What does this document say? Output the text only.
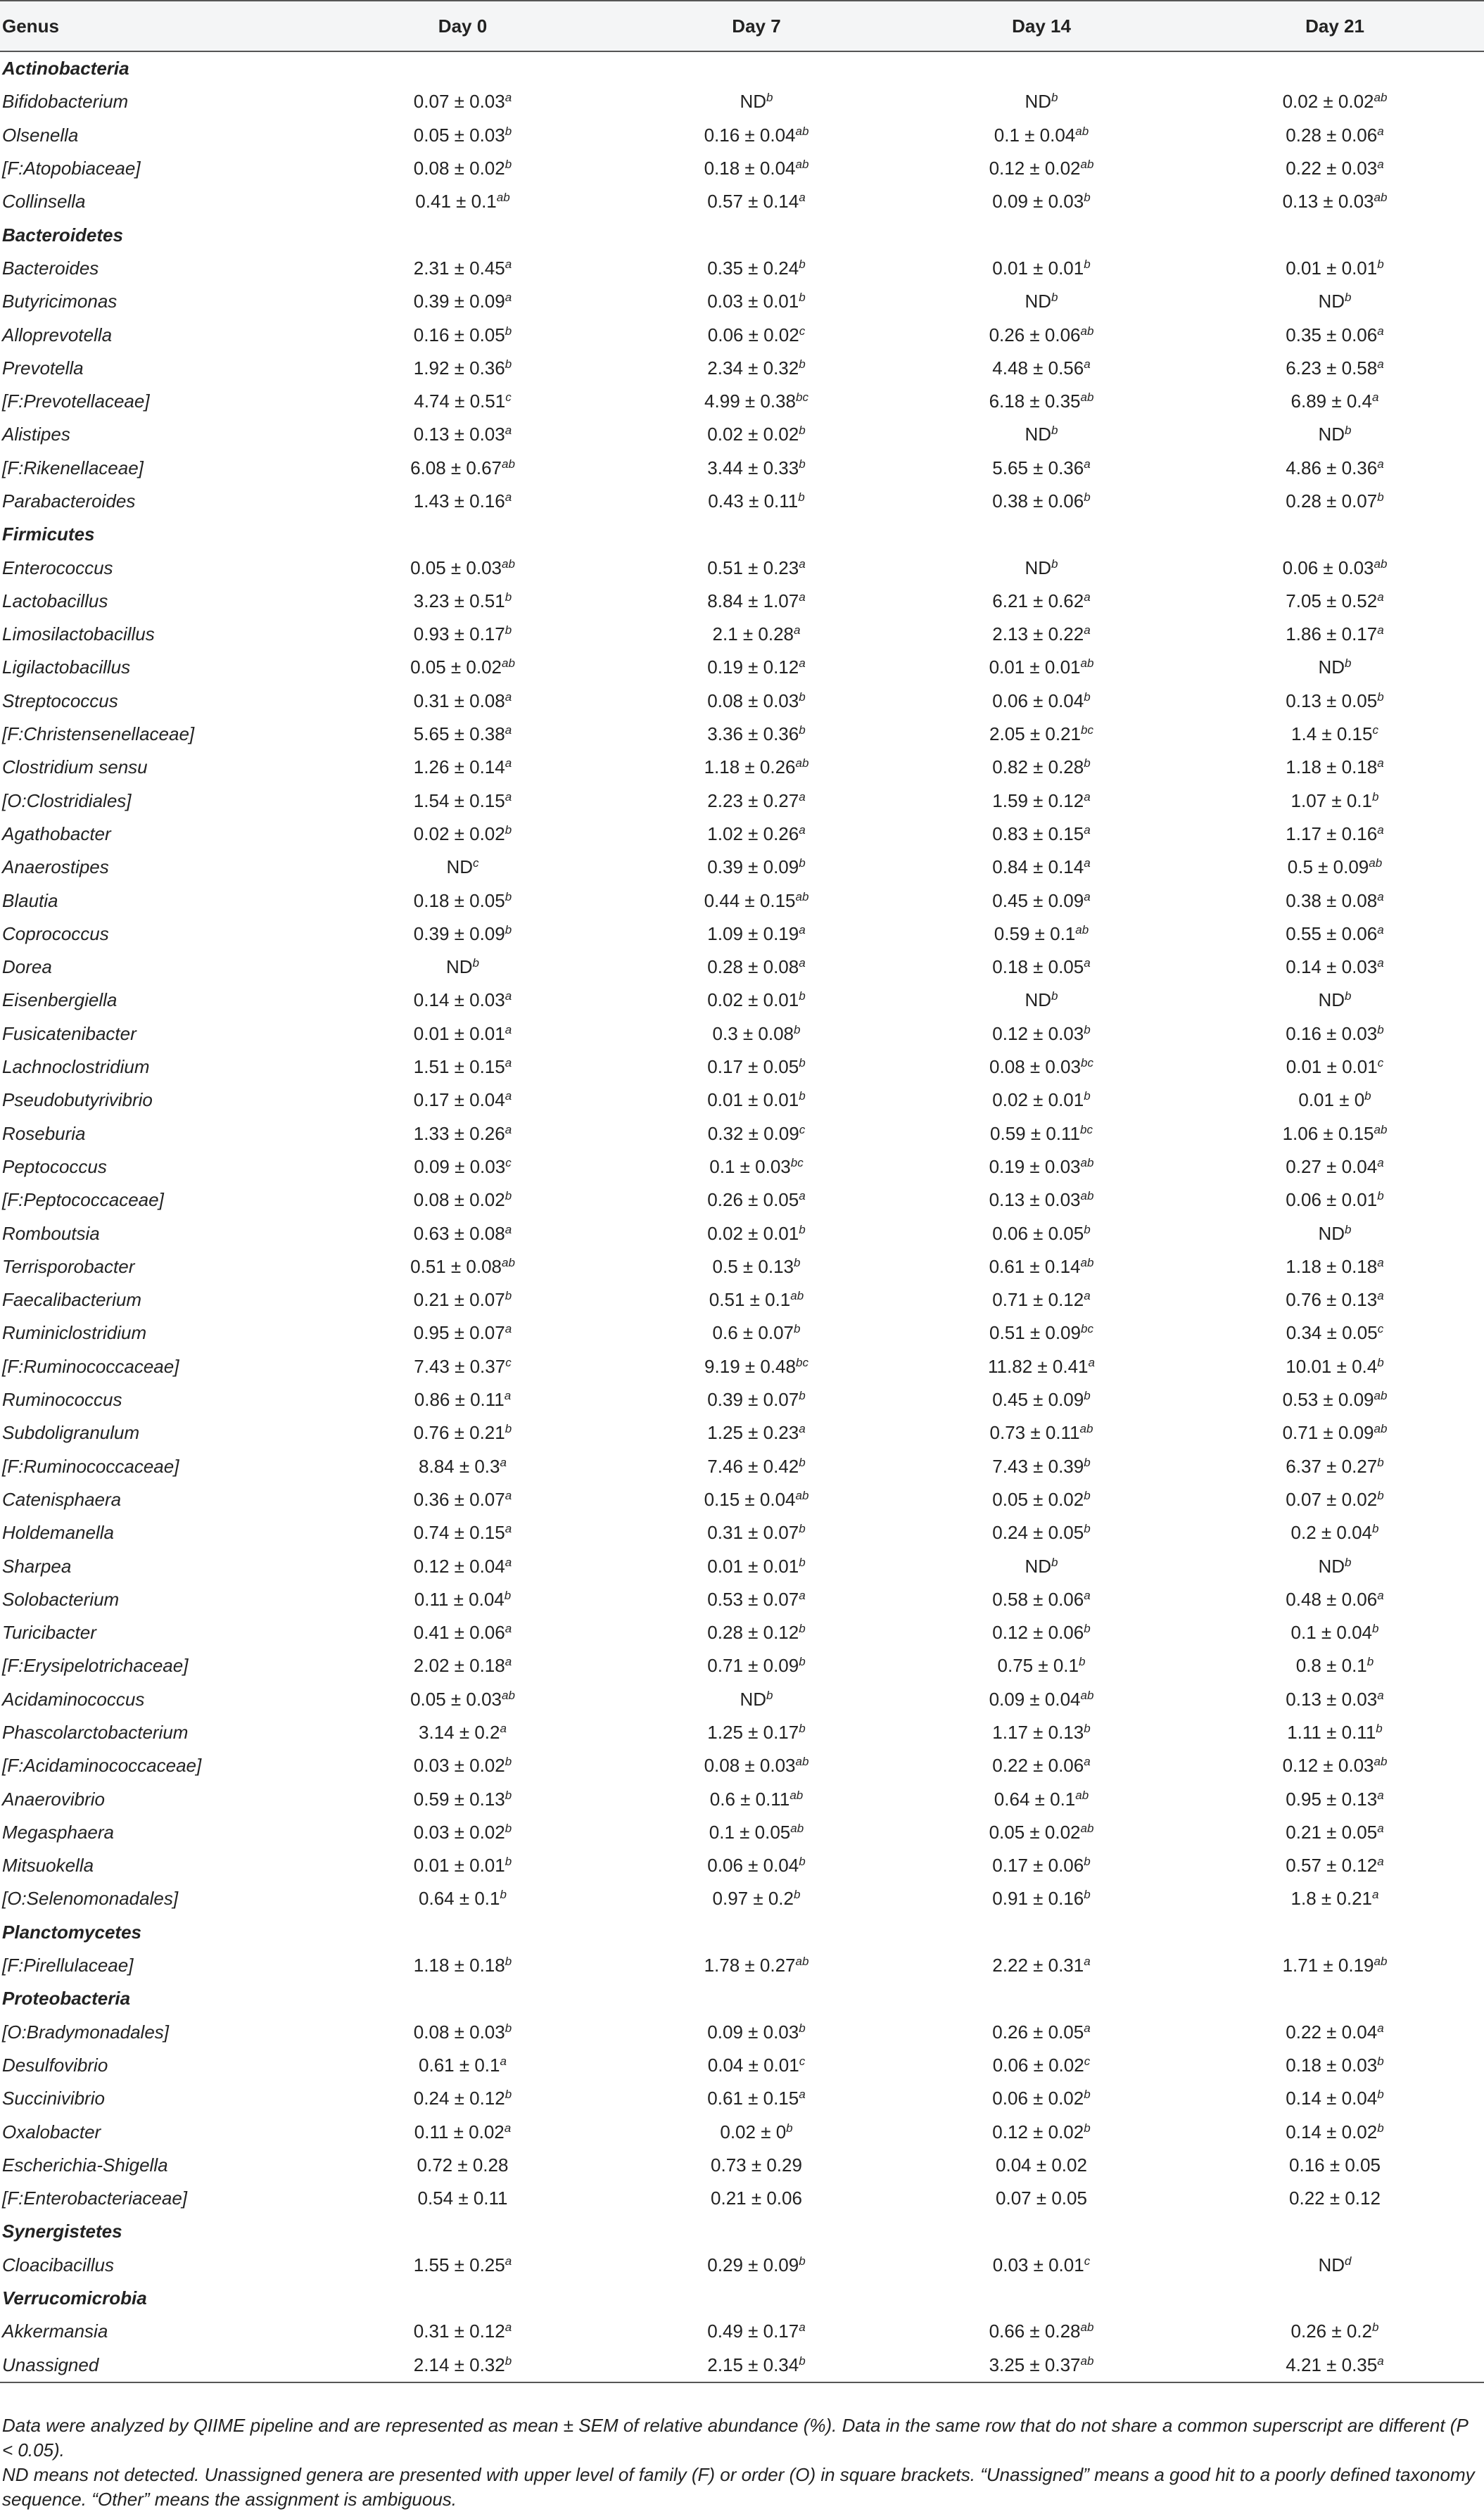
Genus	Day 0	Day 7	Day 14	Day 21
Actinobacteria				
Bifidobacterium	0.07 ± 0.03$^a$	$ND^b$	$ND^b$	0.02 ± 0.02$^{ab}$
Olsenella	0.05 ± 0.03$^b$	0.16 ± 0.04$^{ab}$	0.1 ± 0.04$^{ab}$	0.28 ± 0.06$^a$
[F:Atopobiaceae]	0.08 ± 0.02$^b$	0.18 ± 0.04$^{ab}$	0.12 ± 0.02$^{ab}$	0.22 ± 0.03$^a$
Collinsella	0.41 ± 0.1$^{ab}$	0.57 ± 0.14$^a$	0.09 ± 0.03$^b$	0.13 ± 0.03$^{ab}$
Bacteroidetes				
Bacteroides	2.31 ± 0.45$^a$	0.35 ± 0.24$^b$	0.01 ± 0.01$^b$	0.01 ± 0.01$^b$
Butyricimonas	0.39 ± 0.09$^a$	0.03 ± 0.01$^b$	$ND^b$	$ND^b$
Alloprevotella	0.16 ± 0.05$^b$	0.06 ± 0.02$^c$	0.26 ± 0.06$^{ab}$	0.35 ± 0.06$^a$
Prevotella	1.92 ± 0.36$^b$	2.34 ± 0.32$^b$	4.48 ± 0.56$^a$	6.23 ± 0.58$^a$
[F:Prevotellaceae]	4.74 ± 0.51$^c$	4.99 ± 0.38$^{bc}$	6.18 ± 0.35$^{ab}$	6.89 ± 0.4$^a$
Alistipes	0.13 ± 0.03$^a$	0.02 ± 0.02$^b$	$ND^b$	$ND^b$
[F:Rikenellaceae]	6.08 ± 0.67$^{ab}$	3.44 ± 0.33$^b$	5.65 ± 0.36$^a$	4.86 ± 0.36$^a$
Parabacteroides	1.43 ± 0.16$^a$	0.43 ± 0.11$^b$	0.38 ± 0.06$^b$	0.28 ± 0.07$^b$
Firmicutes				
Enterococcus	0.05 ± 0.03$^{ab}$	0.51 ± 0.23$^a$	$ND^b$	0.06 ± 0.03$^{ab}$
Lactobacillus	3.23 ± 0.51$^b$	8.84 ± 1.07$^a$	6.21 ± 0.62$^a$	7.05 ± 0.52$^a$
Limosilactobacillus	0.93 ± 0.17$^b$	2.1 ± 0.28$^a$	2.13 ± 0.22$^a$	1.86 ± 0.17$^a$
Ligilactobacillus	0.05 ± 0.02$^{ab}$	0.19 ± 0.12$^a$	0.01 ± 0.01$^{ab}$	$ND^b$
Streptococcus	0.31 ± 0.08$^a$	0.08 ± 0.03$^b$	0.06 ± 0.04$^b$	0.13 ± 0.05$^b$
[F:Christensenellaceae]	5.65 ± 0.38$^a$	3.36 ± 0.36$^b$	2.05 ± 0.21$^{bc}$	1.4 ± 0.15$^c$
Clostridium sensu	1.26 ± 0.14$^a$	1.18 ± 0.26$^{ab}$	0.82 ± 0.28$^b$	1.18 ± 0.18$^a$
[O:Clostridiales]	1.54 ± 0.15$^a$	2.23 ± 0.27$^a$	1.59 ± 0.12$^a$	1.07 ± 0.1$^b$
Agathobacter	0.02 ± 0.02$^b$	1.02 ± 0.26$^a$	0.83 ± 0.15$^a$	1.17 ± 0.16$^a$
Anaerostipes	$ND^c$	0.39 ± 0.09$^b$	0.84 ± 0.14$^a$	0.5 ± 0.09$^{ab}$
Blautia	0.18 ± 0.05$^b$	0.44 ± 0.15$^{ab}$	0.45 ± 0.09$^a$	0.38 ± 0.08$^a$
Coprococcus	0.39 ± 0.09$^b$	1.09 ± 0.19$^a$	0.59 ± 0.1$^{ab}$	0.55 ± 0.06$^a$
Dorea	$ND^b$	0.28 ± 0.08$^a$	0.18 ± 0.05$^a$	0.14 ± 0.03$^a$
Eisenbergiella	0.14 ± 0.03$^a$	0.02 ± 0.01$^b$	$ND^b$	$ND^b$
Fusicatenibacter	0.01 ± 0.01$^a$	0.3 ± 0.08$^b$	0.12 ± 0.03$^b$	0.16 ± 0.03$^b$
Lachnoclostridium	1.51 ± 0.15$^a$	0.17 ± 0.05$^b$	0.08 ± 0.03$^{bc}$	0.01 ± 0.01$^c$
Pseudobutyrivibrio	0.17 ± 0.04$^a$	0.01 ± 0.01$^b$	0.02 ± 0.01$^b$	$0.01 \pm 0^b$
Roseburia	1.33 ± 0.26$^a$	0.32 ± 0.09$^c$	0.59 ± 0.11$^{bc}$	1.06 ± 0.15$^{ab}$
Peptococcus	0.09 ± 0.03$^c$	0.1 ± 0.03$^{bc}$	0.19 ± 0.03$^{ab}$	0.27 ± 0.04$^a$
[F:Peptococcaceae]	0.08 ± 0.02$^b$	0.26 ± 0.05$^a$	0.13 ± 0.03$^{ab}$	0.06 ± 0.01$^b$
Romboutsia	0.63 ± 0.08$^a$	0.02 ± 0.01$^b$	0.06 ± 0.05$^b$	$ND^b$
Terrisporobacter	0.51 ± 0.08$^{ab}$	0.5 ± 0.13$^b$	0.61 ± 0.14$^{ab}$	1.18 ± 0.18$^a$
Faecalibacterium	0.21 ± 0.07$^b$	0.51 ± 0.1$^{ab}$	0.71 ± 0.12$^a$	0.76 ± 0.13$^a$
Ruminiclostridium	0.95 ± 0.07$^a$	0.6 ± 0.07$^b$	0.51 ± 0.09$^{bc}$	0.34 ± 0.05$^c$
[F:Ruminococcaceae]	7.43 ± 0.37$^c$	9.19 ± 0.48$^{bc}$	11.82 ± 0.41$^a$	10.01 ± 0.4$^b$
Ruminococcus	0.86 ± 0.11$^a$	0.39 ± 0.07$^b$	0.45 ± 0.09$^b$	0.53 ± 0.09$^{ab}$
Subdoligranulum	0.76 ± 0.21$^b$	1.25 ± 0.23$^a$	0.73 ± 0.11$^{ab}$	0.71 ± 0.09$^{ab}$
[F:Ruminococcaceae]	8.84 ± 0.3$^a$	7.46 ± 0.42$^b$	7.43 ± 0.39$^b$	6.37 ± 0.27$^b$
Catenisphaera	0.36 ± 0.07$^a$	0.15 ± 0.04$^{ab}$	0.05 ± 0.02$^b$	0.07 ± 0.02$^b$
Holdemanella	0.74 ± 0.15$^a$	0.31 ± 0.07$^b$	0.24 ± 0.05$^b$	0.2 ± 0.04$^b$
Sharpea	0.12 ± 0.04$^a$	0.01 ± 0.01$^b$	$ND^b$	$ND^b$
Solobacterium	0.11 ± 0.04$^b$	0.53 ± 0.07$^a$	0.58 ± 0.06$^a$	0.48 ± 0.06$^a$
Turicibacter	0.41 ± 0.06$^a$	0.28 ± 0.12$^b$	0.12 ± 0.06$^b$	0.1 ± 0.04$^b$
[F:Erysipelotrichaceae]	2.02 ± 0.18$^a$	0.71 ± 0.09$^b$	0.75 ± 0.1$^b$	0.8 ± 0.1$^b$
Acidaminococcus	0.05 ± 0.03$^{ab}$	$ND^b$	0.09 ± 0.04$^{ab}$	0.13 ± 0.03$^a$
Phascolarctobacterium	3.14 ± 0.2$^a$	1.25 ± 0.17$^b$	1.17 ± 0.13$^b$	1.11 ± 0.11$^b$
[F:Acidaminococcaceae]	0.03 ± 0.02$^b$	0.08 ± 0.03$^{ab}$	0.22 ± 0.06$^a$	0.12 ± 0.03$^{ab}$
Anaerovibrio	0.59 ± 0.13$^b$	0.6 ± 0.11$^{ab}$	0.64 ± 0.1$^{ab}$	0.95 ± 0.13$^a$
Megasphaera	0.03 ± 0.02$^b$	0.1 ± 0.05$^{ab}$	0.05 ± 0.02$^{ab}$	0.21 ± 0.05$^a$
Mitsuokella	0.01 ± 0.01$^b$	0.06 ± 0.04$^b$	0.17 ± 0.06$^b$	0.57 ± 0.12$^a$
[O:Selenomonadales]	0.64 ± 0.1$^b$	0.97 ± 0.2$^b$	0.91 ± 0.16$^b$	1.8 ± 0.21$^a$
Planctomycetes				
[F:Pirellulaceae]	1.18 ± 0.18$^b$	1.78 ± 0.27$^{ab}$	2.22 ± 0.31$^a$	1.71 ± 0.19$^{ab}$
Proteobacteria				
[O:Bradymonadales]	0.08 ± 0.03$^b$	0.09 ± 0.03$^b$	0.26 ± 0.05$^a$	0.22 ± 0.04$^a$
Desulfovibrio	0.61 ± 0.1$^a$	0.04 ± 0.01$^c$	0.06 ± 0.02$^c$	0.18 ± 0.03$^b$
Succinivibrio	0.24 ± 0.12$^b$	0.61 ± 0.15$^a$	0.06 ± 0.02$^b$	0.14 ± 0.04$^b$
Oxalobacter	0.11 ± 0.02$^a$	$0.02 \pm 0^b$	0.12 ± 0.02$^b$	0.14 ± 0.02$^b$
Escherichia-Shigella	0.72 ± 0.28	0.73 ± 0.29	0.04 ± 0.02	0.16 ± 0.05
[F:Enterobacteriaceae]	0.54 ± 0.11	0.21 ± 0.06	0.07 ± 0.05	0.22 ± 0.12
Synergistetes				
Cloacibacillus	1.55 ± 0.25$^a$	0.29 ± 0.09$^b$	0.03 ± 0.01$^c$	$ND^d$
Verrucomicrobia				
Akkermansia	0.31 ± 0.12$^a$	0.49 ± 0.17$^a$	0.66 ± 0.28$^{ab}$	0.26 ± 0.2$^b$
Unassigned	2.14 ± 0.32$^b$	2.15 ± 0.34$^b$	3.25 ± 0.37$^{ab}$	4.21 ± 0.35$^a$

Data were analyzed by QIIME pipeline and are represented as mean ± SEM of relative abundance (%). Data in the same row that do not share a common superscript are different (P < 0.05).

ND means not detected. Unassigned genera are presented with upper level of family (F) or order (O) in square brackets. “Unassigned” means a good hit to a poorly defined taxonomy sequence. “Other” means the assignment is ambiguous.
